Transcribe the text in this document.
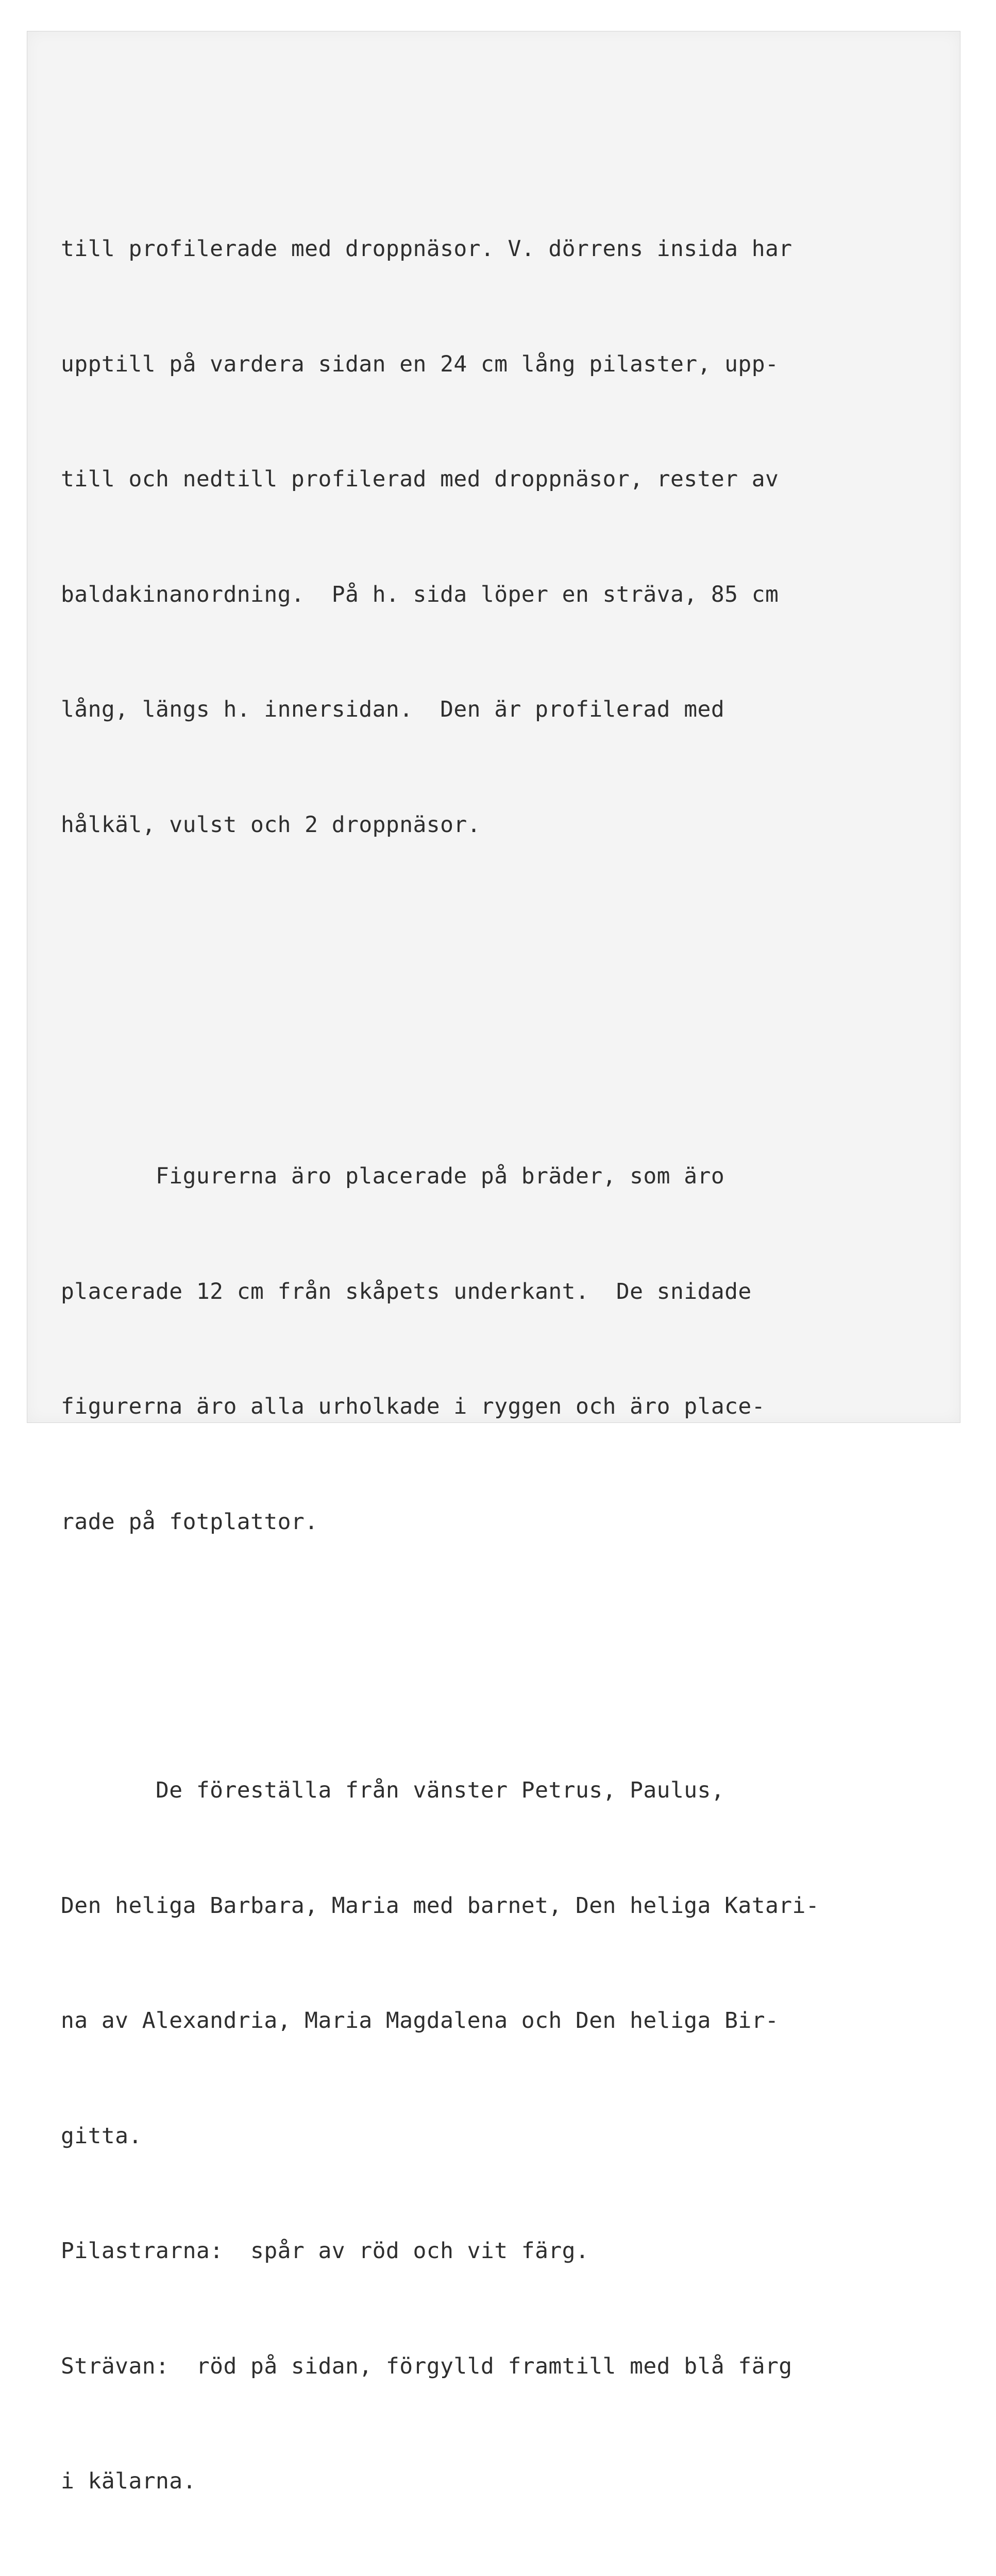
till profilerade med droppnäsor. V. dörrens insida har

upptill på vardera sidan en 24 cm lång pilaster, upp-

till och nedtill profilerad med droppnäsor, rester av

baldakinanordning.  På h. sida löper en sträva, 85 cm

lång, längs h. innersidan.  Den är profilerad med

hålkäl, vulst och 2 droppnäsor.

Figurerna äro placerade på bräder, som äro

placerade 12 cm från skåpets underkant.  De snidade

figurerna äro alla urholkade i ryggen och äro place-

rade på fotplattor.

De föreställa från vänster Petrus, Paulus,

Den heliga Barbara, Maria med barnet, Den heliga Katari-

na av Alexandria, Maria Magdalena och Den heliga Bir-

gitta.

Pilastrarna:  spår av röd och vit färg.

Strävan:  röd på sidan, förgylld framtill med blå färg

i kälarna.
